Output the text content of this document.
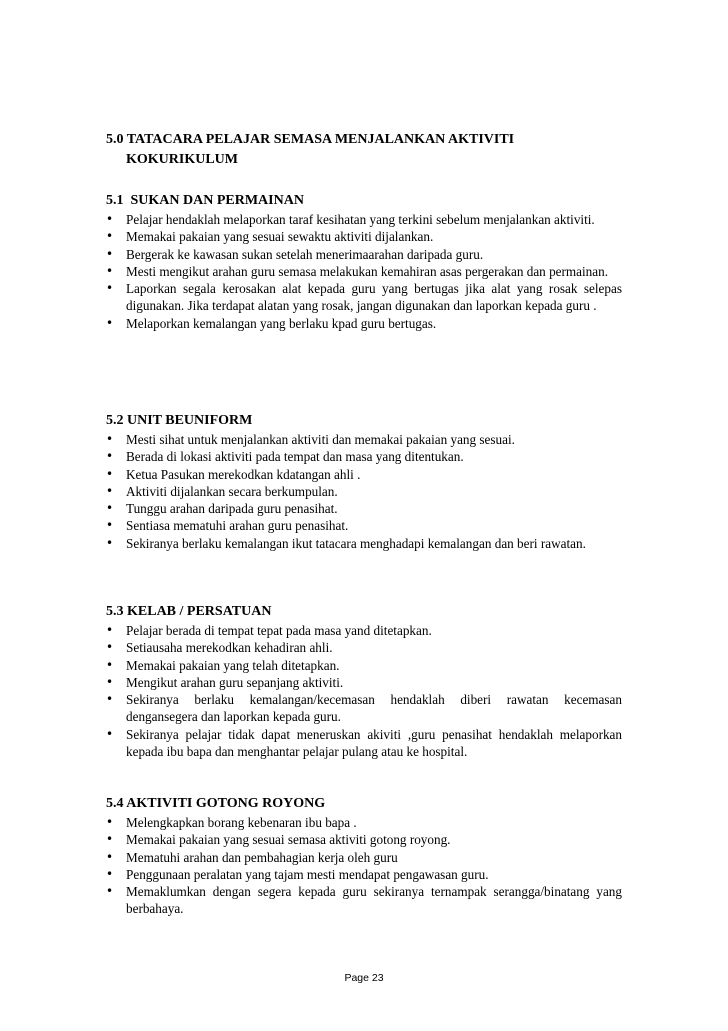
5.0 TATACARA PELAJAR SEMASA MENJALANKAN AKTIVITI
KOKURIKULUM
5.1  SUKAN DAN PERMAINAN
• Pelajar hendaklah melaporkan taraf kesihatan yang terkini sebelum menjalankan aktiviti.
• Memakai pakaian yang sesuai sewaktu aktiviti dijalankan.
• Bergerak ke kawasan sukan setelah menerimaarahan daripada guru.
• Mesti mengikut arahan guru semasa melakukan kemahiran asas pergerakan dan permainan.
• Laporkan segala kerosakan alat kepada guru yang bertugas jika alat yang rosak selepas digunakan. Jika terdapat alatan yang rosak, jangan digunakan dan laporkan kepada guru .
• Melaporkan kemalangan yang berlaku kpad guru bertugas.
5.2 UNIT BEUNIFORM
• Mesti sihat untuk menjalankan aktiviti dan memakai pakaian yang sesuai.
• Berada di lokasi aktiviti pada tempat dan masa yang ditentukan.
• Ketua Pasukan merekodkan kdatangan ahli .
• Aktiviti dijalankan secara berkumpulan.
• Tunggu arahan daripada guru penasihat.
• Sentiasa mematuhi arahan guru penasihat.
• Sekiranya berlaku kemalangan ikut tatacara menghadapi kemalangan dan beri rawatan.
5.3 KELAB / PERSATUAN
• Pelajar berada di tempat tepat pada masa yand ditetapkan.
• Setiausaha merekodkan kehadiran ahli.
• Memakai pakaian yang telah ditetapkan.
• Mengikut arahan guru sepanjang aktiviti.
• Sekiranya berlaku kemalangan/kecemasan hendaklah diberi rawatan kecemasan dengansegera dan laporkan kepada guru.
• Sekiranya pelajar tidak dapat meneruskan akiviti ,guru penasihat hendaklah melaporkan kepada ibu bapa dan menghantar pelajar pulang atau ke hospital.
5.4 AKTIVITI GOTONG ROYONG
• Melengkapkan borang kebenaran ibu bapa .
• Memakai pakaian yang sesuai semasa aktiviti gotong royong.
• Mematuhi arahan dan pembahagian kerja oleh guru
• Penggunaan peralatan yang tajam mesti mendapat pengawasan guru.
• Memaklumkan dengan segera kepada guru sekiranya ternampak serangga/binatang yang berbahaya.
Page 23
